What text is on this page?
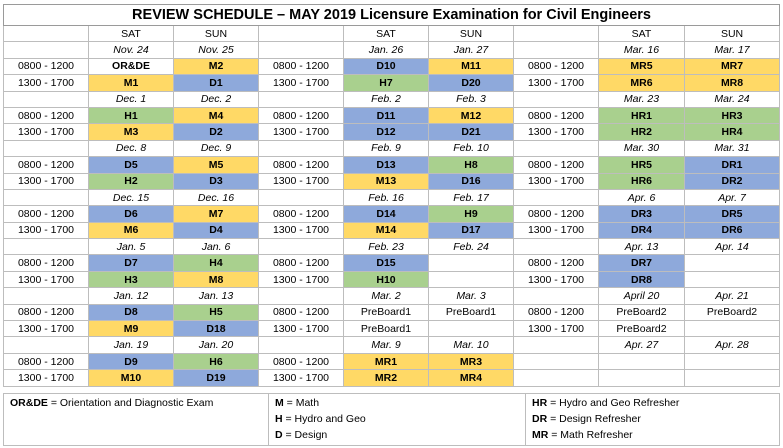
REVIEW SCHEDULE – MAY 2019 Licensure Examination for Civil Engineers								
	SAT	SUN		SAT	SUN		SAT	SUN
	Nov. 24	Nov. 25		Jan. 26	Jan. 27		Mar. 16	Mar. 17
0800 - 1200	OR&DE	M2	0800 - 1200	D10	M11	0800 - 1200	MR5	MR7
1300 - 1700	M1	D1	1300 - 1700	H7	D20	1300 - 1700	MR6	MR8
	Dec. 1	Dec. 2		Feb. 2	Feb. 3		Mar. 23	Mar. 24
0800 - 1200	H1	M4	0800 - 1200	D11	M12	0800 - 1200	HR1	HR3
1300 - 1700	M3	D2	1300 - 1700	D12	D21	1300 - 1700	HR2	HR4
	Dec. 8	Dec. 9		Feb. 9	Feb. 10		Mar. 30	Mar. 31
0800 - 1200	D5	M5	0800 - 1200	D13	H8	0800 - 1200	HR5	DR1
1300 - 1700	H2	D3	1300 - 1700	M13	D16	1300 - 1700	HR6	DR2
	Dec. 15	Dec. 16		Feb. 16	Feb. 17		Apr. 6	Apr. 7
0800 - 1200	D6	M7	0800 - 1200	D14	H9	0800 - 1200	DR3	DR5
1300 - 1700	M6	D4	1300 - 1700	M14	D17	1300 - 1700	DR4	DR6
	Jan. 5	Jan. 6		Feb. 23	Feb. 24		Apr. 13	Apr. 14
0800 - 1200	D7	H4	0800 - 1200	D15		0800 - 1200	DR7	
1300 - 1700	H3	M8	1300 - 1700	H10		1300 - 1700	DR8	
	Jan. 12	Jan. 13		Mar. 2	Mar. 3		April 20	Apr. 21
0800 - 1200	D8	H5	0800 - 1200	PreBoard1	PreBoard1	0800 - 1200	PreBoard2	PreBoard2
1300 - 1700	M9	D18	1300 - 1700	PreBoard1		1300 - 1700	PreBoard2	
	Jan. 19	Jan. 20		Mar. 9	Mar. 10		Apr. 27	Apr. 28
0800 - 1200	D9	H6	0800 - 1200	MR1	MR3			
1300 - 1700	M10	D19	1300 - 1700	MR2	MR4			
OR&DE = Orientation and Diagnostic Exam	M = Math
H = Hydro and Geo
D = Design

HR = Hydro and Geo Refresher
DR = Design Refresher
MR = Math Refresher
